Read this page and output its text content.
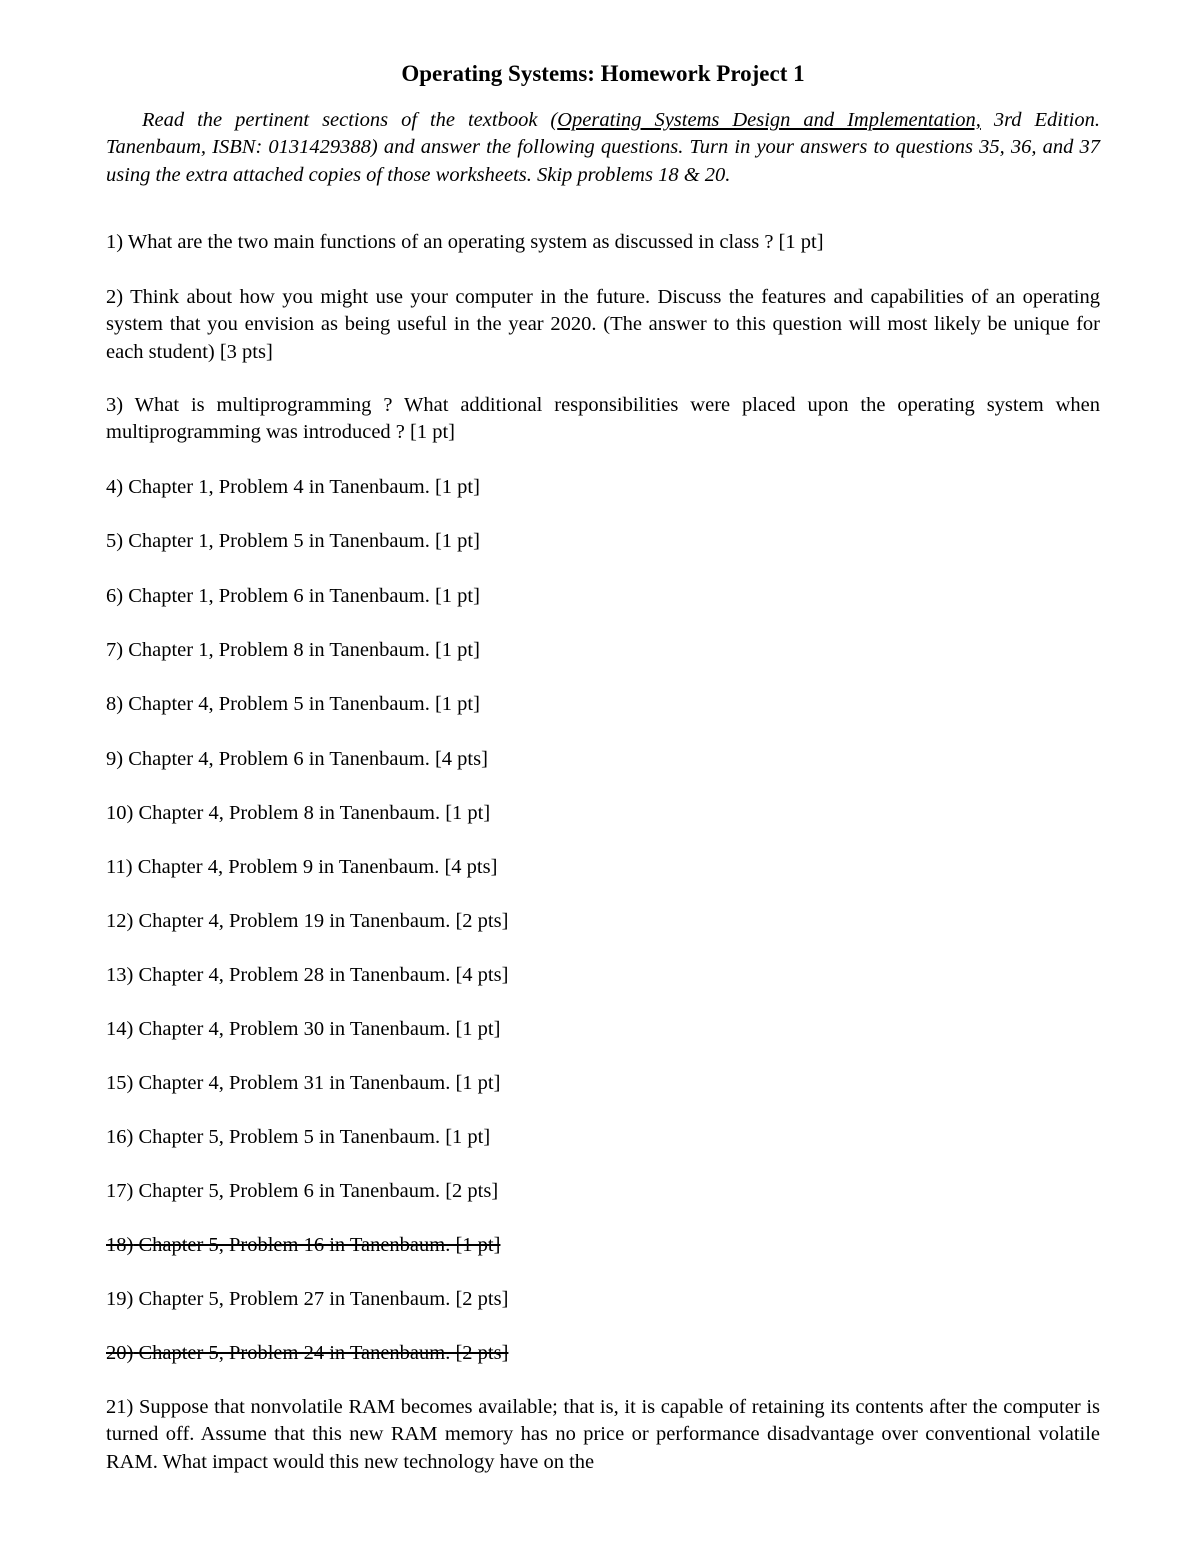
Operating Systems: Homework Project 1
Read the pertinent sections of the textbook (Operating Systems Design and Implementation, 3rd Edition. Tanenbaum, ISBN: 0131429388) and answer the following questions. Turn in your answers to questions 35, 36, and 37 using the extra attached copies of those worksheets. Skip problems 18 & 20.
1) What are the two main functions of an operating system as discussed in class ? [1 pt]
2) Think about how you might use your computer in the future. Discuss the features and capabilities of an operating system that you envision as being useful in the year 2020. (The answer to this question will most likely be unique for each student) [3 pts]
3) What is multiprogramming ? What additional responsibilities were placed upon the operating system when multiprogramming was introduced ? [1 pt]
4) Chapter 1, Problem 4 in Tanenbaum. [1 pt]
5) Chapter 1, Problem 5 in Tanenbaum. [1 pt]
6) Chapter 1, Problem 6 in Tanenbaum. [1 pt]
7) Chapter 1, Problem 8 in Tanenbaum. [1 pt]
8) Chapter 4, Problem 5 in Tanenbaum. [1 pt]
9) Chapter 4, Problem 6 in Tanenbaum. [4 pts]
10) Chapter 4, Problem 8 in Tanenbaum. [1 pt]
11) Chapter 4, Problem 9 in Tanenbaum. [4 pts]
12) Chapter 4, Problem 19 in Tanenbaum. [2 pts]
13) Chapter 4, Problem 28 in Tanenbaum. [4 pts]
14) Chapter 4, Problem 30 in Tanenbaum. [1 pt]
15) Chapter 4, Problem 31 in Tanenbaum. [1 pt]
16) Chapter 5, Problem 5 in Tanenbaum. [1 pt]
17) Chapter 5, Problem 6 in Tanenbaum. [2 pts]
18) Chapter 5, Problem 16 in Tanenbaum. [1 pt]
19) Chapter 5, Problem 27 in Tanenbaum. [2 pts]
20) Chapter 5, Problem 24 in Tanenbaum. [2 pts]
21) Suppose that nonvolatile RAM becomes available; that is, it is capable of retaining its contents after the computer is turned off. Assume that this new RAM memory has no price or performance disadvantage over conventional volatile RAM. What impact would this new technology have on the
